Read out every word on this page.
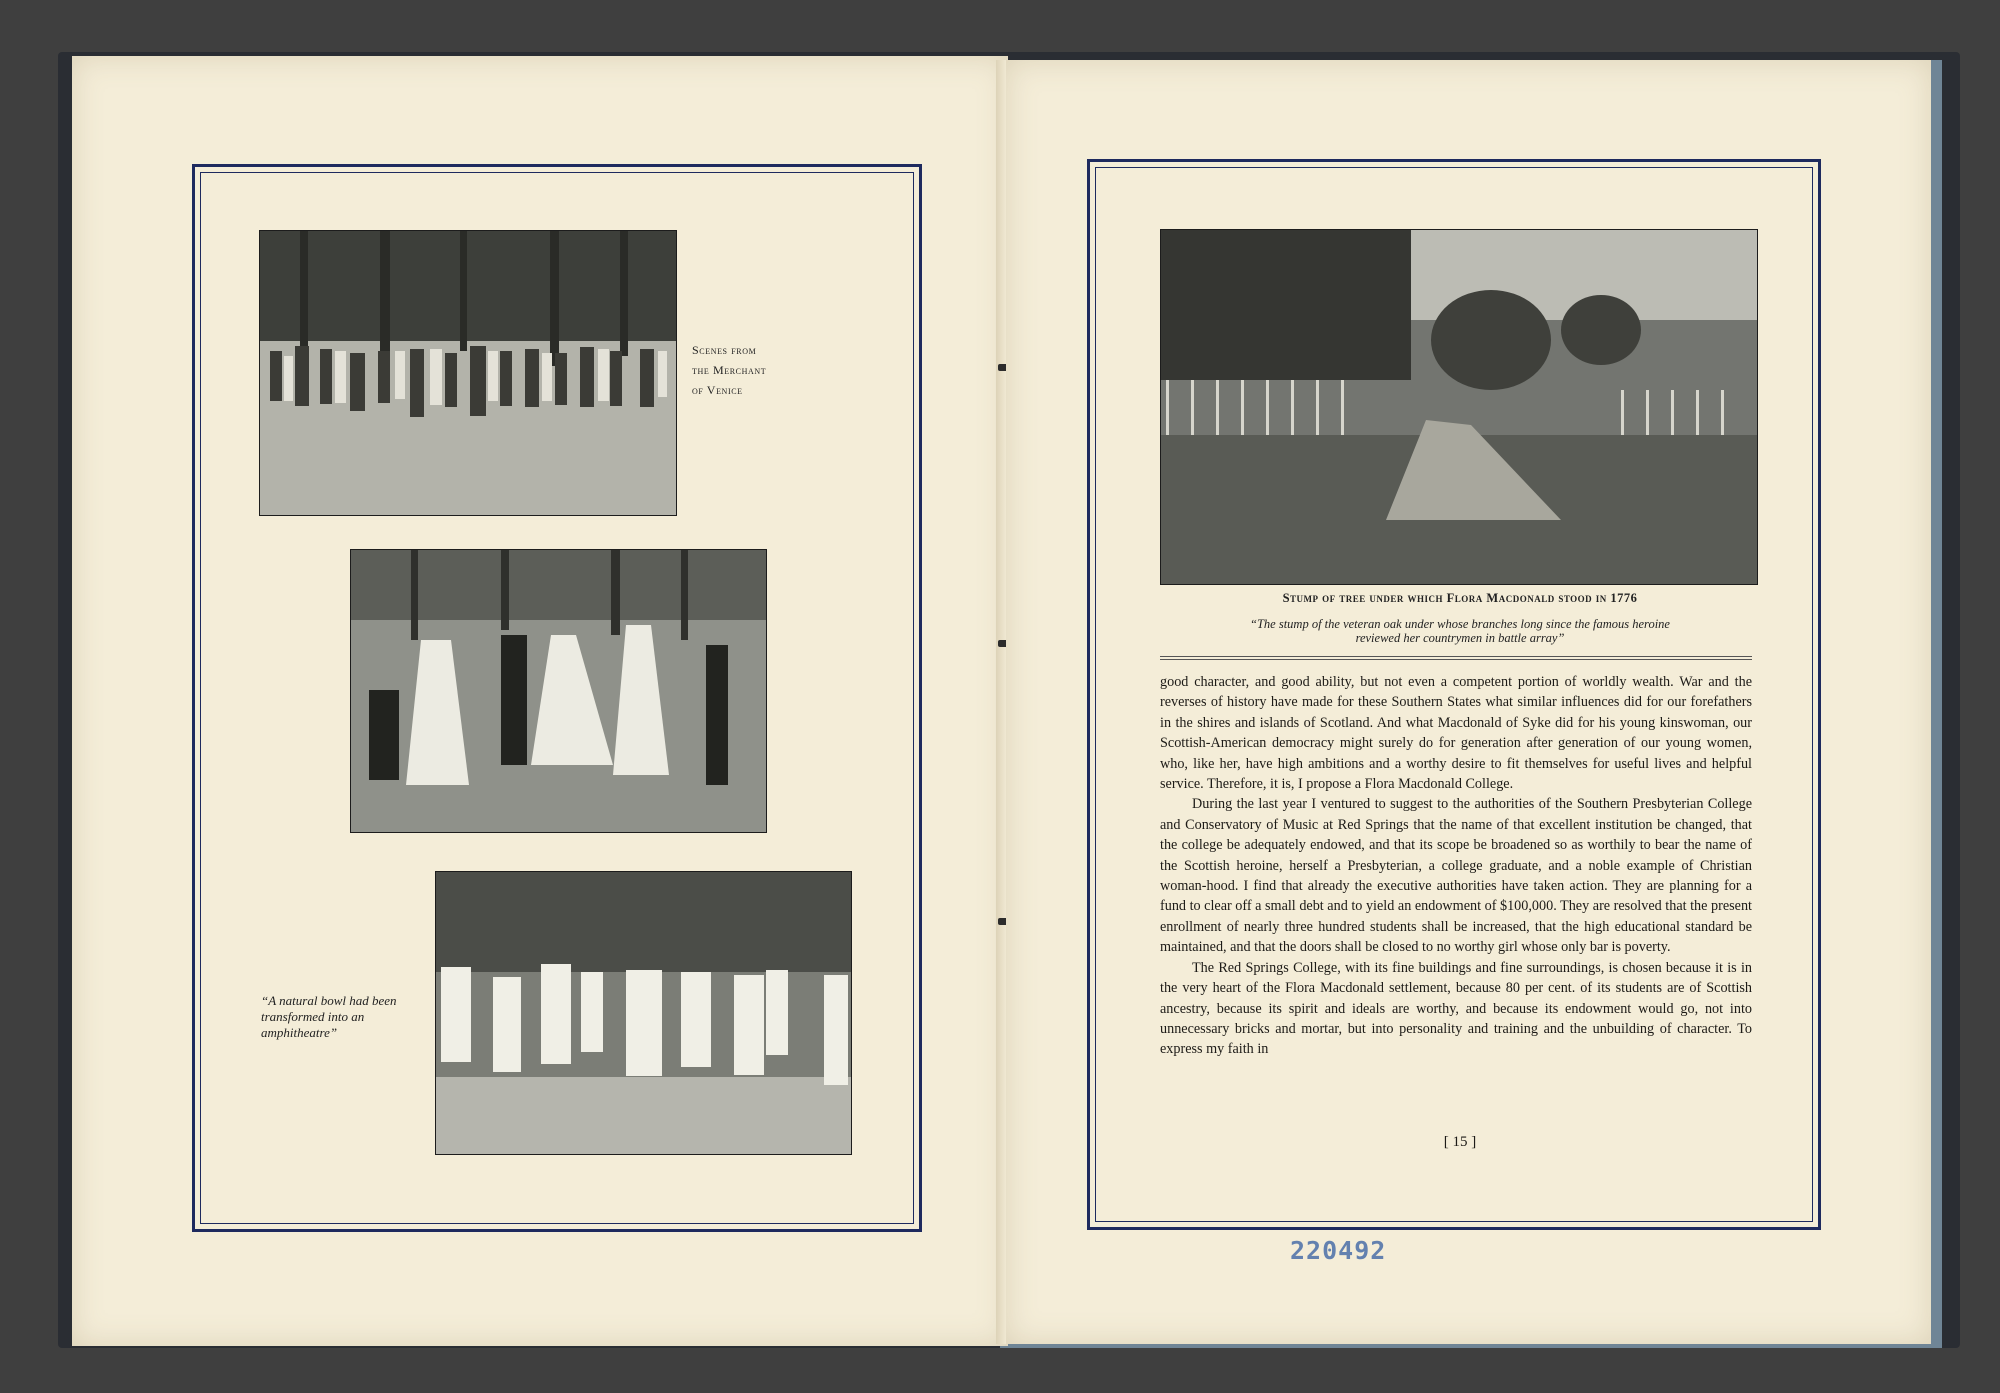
Scenes from
the Merchant
of Venice
“A natural bowl had been
transformed into an
amphitheatre”
Stump of tree under which Flora Macdonald stood in 1776
“The stump of the veteran oak under whose branches long since the famous heroine
reviewed her countrymen in battle array”

good character, and good ability, but not even a competent portion of worldly wealth. War and the reverses of history have made for these Southern States what similar influences did for our forefathers in the shires and islands of Scotland. And what Macdonald of Syke did for his young kinswoman, our Scottish-American democracy might surely do for generation after generation of our young women, who, like her, have high ambitions and a worthy desire to fit themselves for useful lives and helpful service. Therefore, it is, I propose a Flora Macdonald College.

During the last year I ventured to suggest to the authorities of the Southern Presbyterian College and Conservatory of Music at Red Springs that the name of that excellent institution be changed, that the college be adequately endowed, and that its scope be broadened so as worthily to bear the name of the Scottish heroine, herself a Presbyterian, a college graduate, and a noble example of Christian woman-hood. I find that already the executive authorities have taken action. They are planning for a fund to clear off a small debt and to yield an endowment of $100,000. They are resolved that the present enrollment of nearly three hundred students shall be increased, that the high educational standard be maintained, and that the doors shall be closed to no worthy girl whose only bar is poverty.

The Red Springs College, with its fine buildings and fine surroundings, is chosen because it is in the very heart of the Flora Macdonald settlement, because 80 per cent. of its students are of Scottish ancestry, because its spirit and ideals are worthy, and because its endowment would go, not into unnecessary bricks and mortar, but into personality and training and the unbuilding of character. To express my faith in

[ 15 ]
220492
